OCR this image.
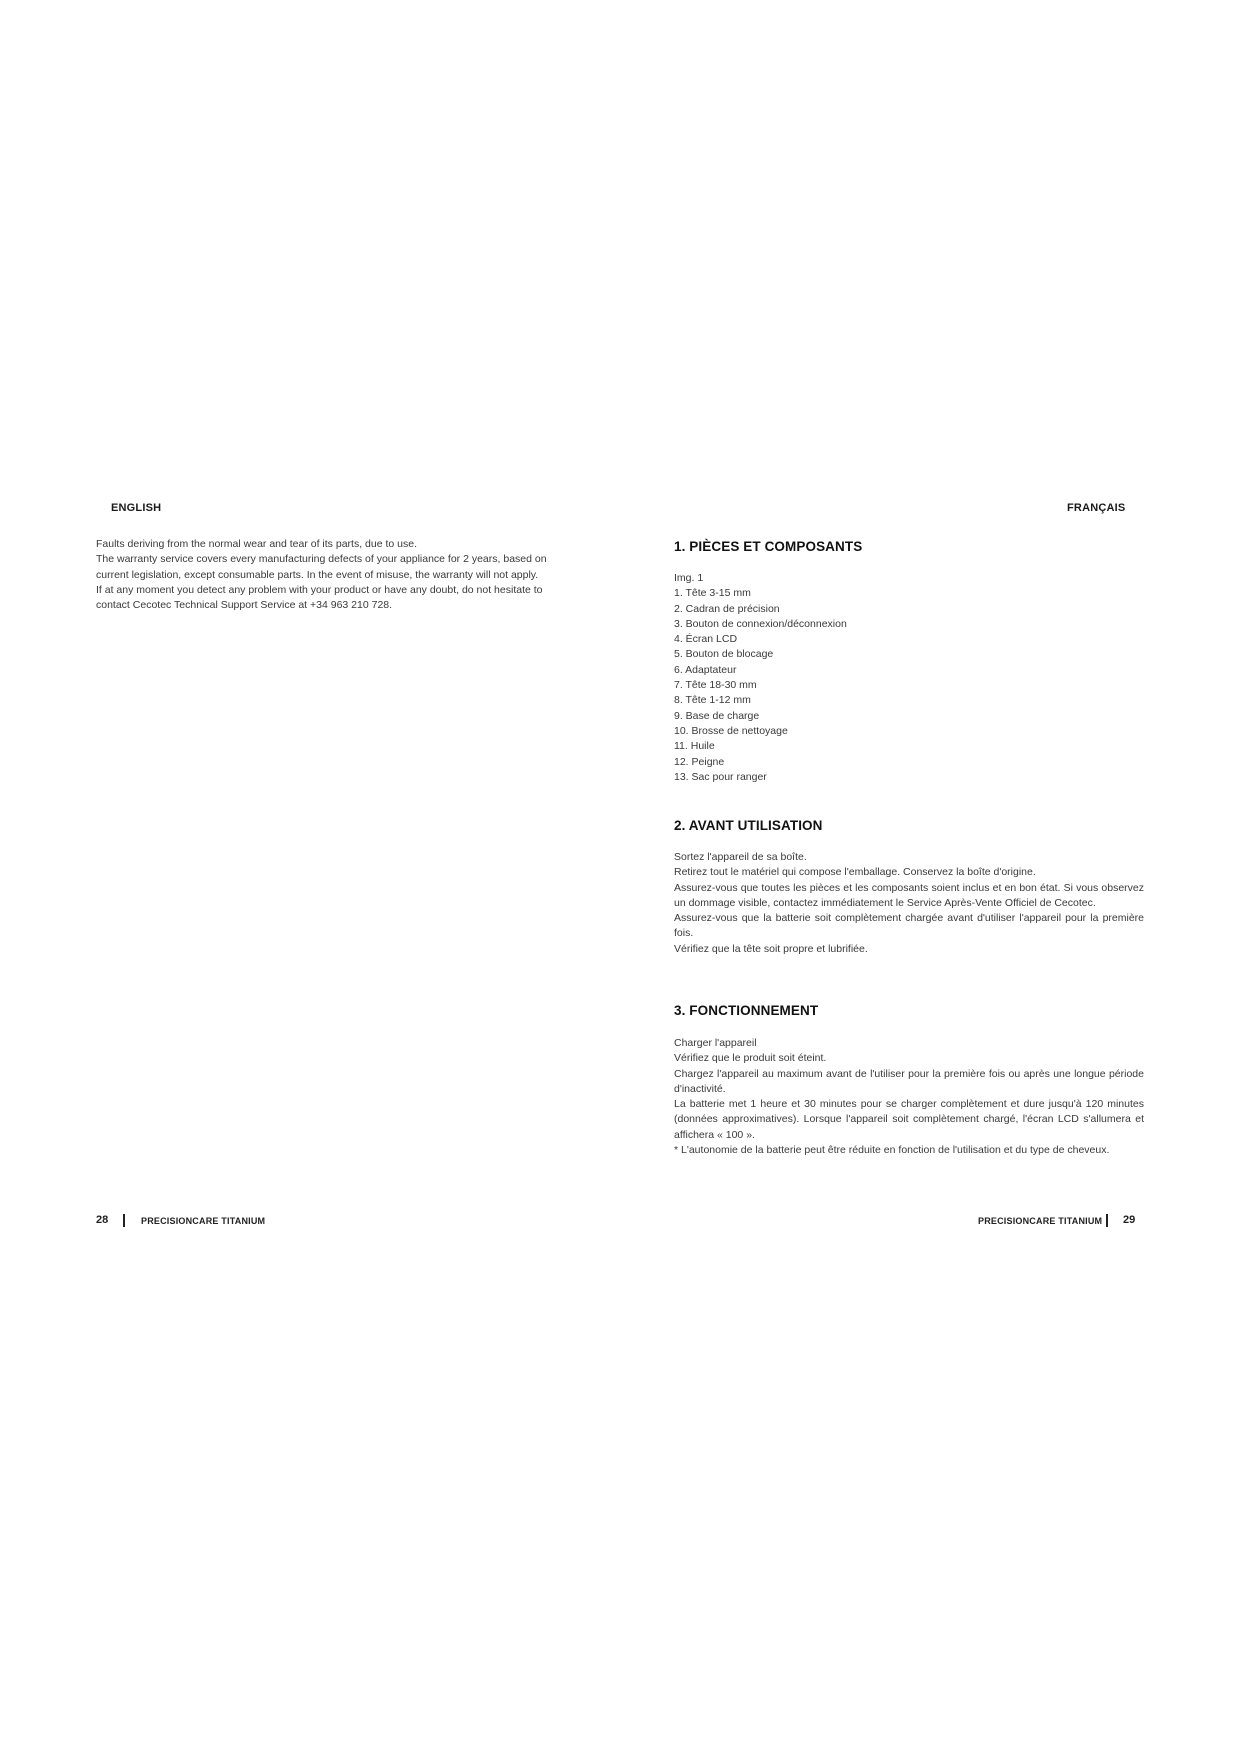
ENGLISH

Faults deriving from the normal wear and tear of its parts, due to use.

The warranty service covers every manufacturing defects of your appliance for 2 years, based on current legislation, except consumable parts. In the event of misuse, the warranty will not apply.

If at any moment you detect any problem with your product or have any doubt, do not hesitate to contact Cecotec Technical Support Service at +34 963 210 728.

28	PRECISIONCARE TITANIUM
FRANÇAIS
1. PIÈCES ET COMPOSANTS

Img. 1

1. Tête 3-15 mm
2. Cadran de précision
3. Bouton de connexion/déconnexion
4. Écran LCD
5. Bouton de blocage
6. Adaptateur
7. Tête 18-30 mm
8. Tête 1-12 mm
9. Base de charge
10. Brosse de nettoyage
11. Huile
12. Peigne
13. Sac pour ranger
2. AVANT UTILISATION

Sortez l'appareil de sa boîte.

Retirez tout le matériel qui compose l'emballage. Conservez la boîte d'origine.

Assurez-vous que toutes les pièces et les composants soient inclus et en bon état. Si vous observez un dommage visible, contactez immédiatement le Service Après-Vente Officiel de Cecotec.

Assurez-vous que la batterie soit complètement chargée avant d'utiliser l'appareil pour la première fois.

Vérifiez que la tête soit propre et lubrifiée.

3. FONCTIONNEMENT

Charger l'appareil

Vérifiez que le produit soit éteint.

Chargez l'appareil au maximum avant de l'utiliser pour la première fois ou après une longue période d'inactivité.

La batterie met 1 heure et 30 minutes pour se charger complètement et dure jusqu'à 120 minutes (données approximatives). Lorsque l'appareil soit complètement chargé, l'écran LCD s'allumera et affichera « 100 ».

* L'autonomie de la batterie peut être réduite en fonction de l'utilisation et du type de cheveux.

PRECISIONCARE TITANIUM 29
